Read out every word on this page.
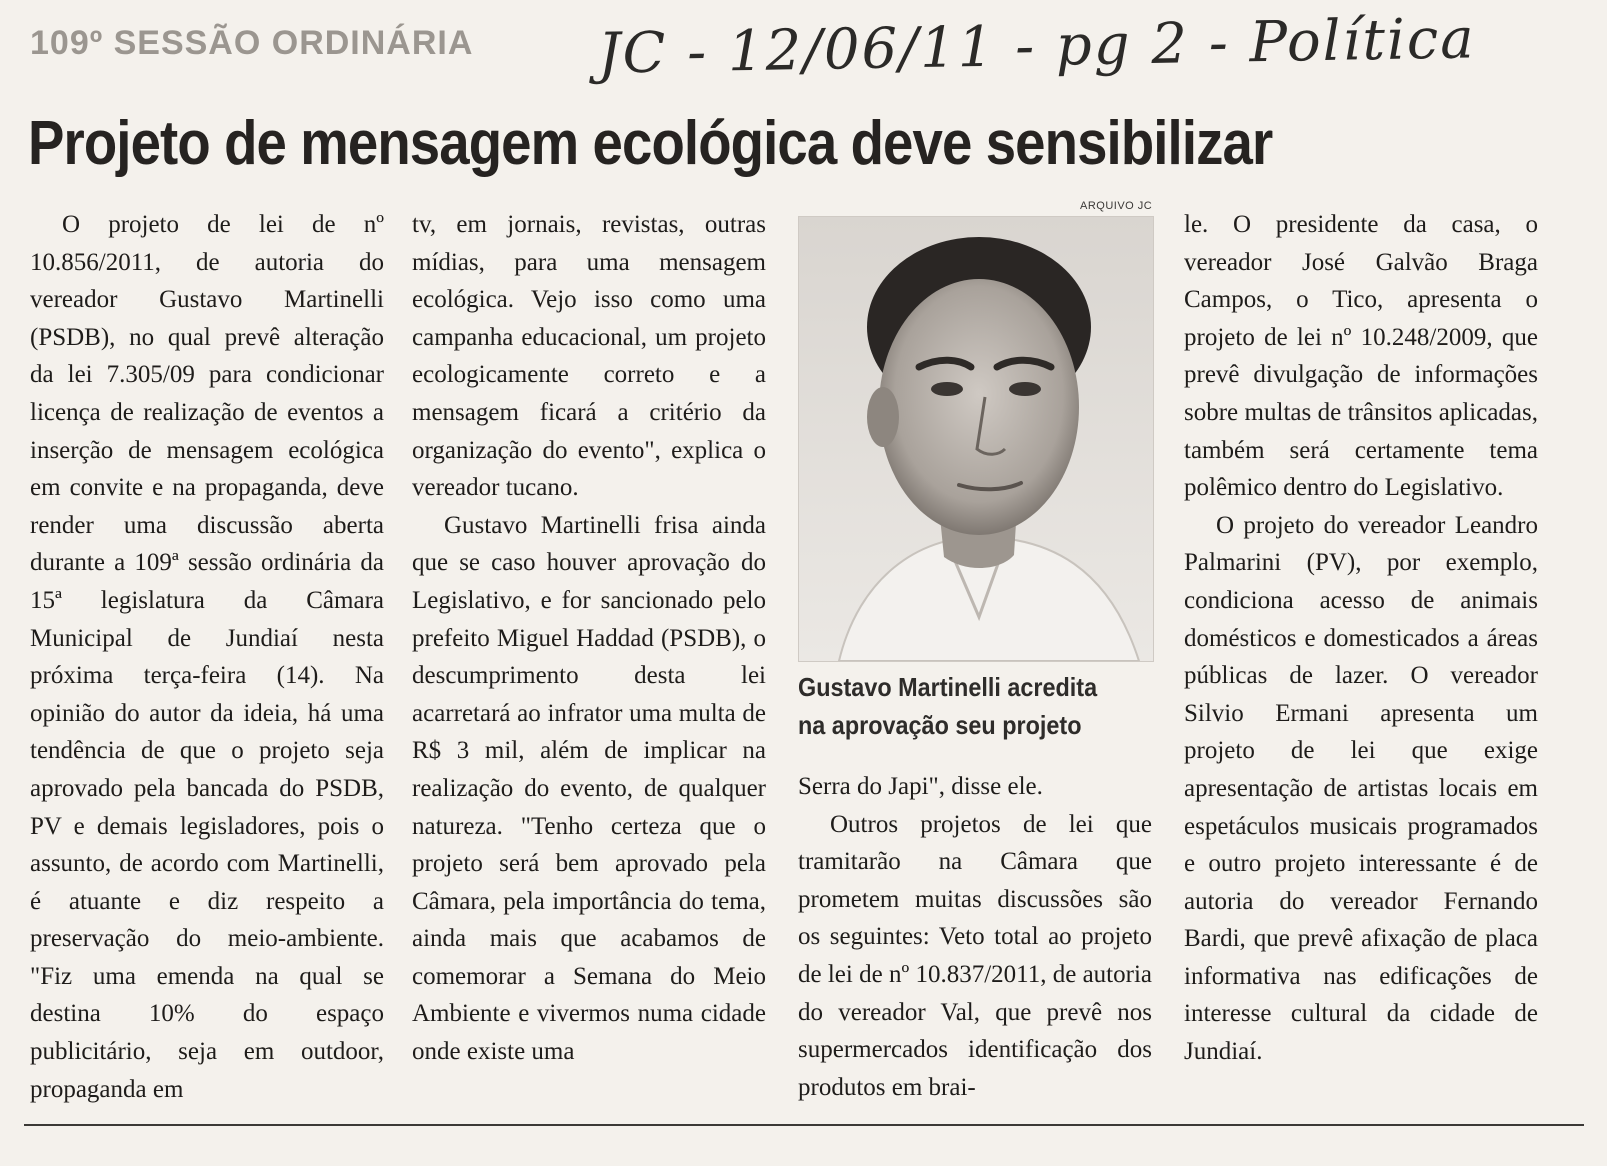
109º SESSÃO ORDINÁRIA JC - 12/06/11 - pg 2 - Política
Projeto de mensagem ecológica deve sensibilizar

O projeto de lei de nº 10.856/2011, de autoria do vereador Gustavo Martinelli (PSDB), no qual prevê alteração da lei 7.305/09 para condicionar licença de realização de eventos a inserção de mensagem ecológica em convite e na propaganda, deve render uma discussão aberta durante a 109ª sessão ordinária da 15ª legislatura da Câmara Municipal de Jundiaí nesta próxima terça-feira (14). Na opinião do autor da ideia, há uma tendência de que o projeto seja aprovado pela bancada do PSDB, PV e demais legisladores, pois o assunto, de acordo com Martinelli, é atuante e diz respeito a preservação do meio-ambiente. "Fiz uma emenda na qual se destina 10% do espaço publicitário, seja em outdoor, propaganda em

tv, em jornais, revistas, outras mídias, para uma mensagem ecológica. Vejo isso como uma campanha educacional, um projeto ecologicamente correto e a mensagem ficará a critério da organização do evento", explica o vereador tucano.

Gustavo Martinelli frisa ainda que se caso houver aprovação do Legislativo, e for sancionado pelo prefeito Miguel Haddad (PSDB), o descumprimento desta lei acarretará ao infrator uma multa de R$ 3 mil, além de implicar na realização do evento, de qualquer natureza. "Tenho certeza que o projeto será bem aprovado pela Câmara, pela importância do tema, ainda mais que acabamos de comemorar a Semana do Meio Ambiente e vivermos numa cidade onde existe uma

ARQUIVO JC
Gustavo Martinelli acredita na aprovação seu projeto

Serra do Japi", disse ele.

Outros projetos de lei que tramitarão na Câmara que prometem muitas discussões são os seguintes: Veto total ao projeto de lei de nº 10.837/2011, de autoria do vereador Val, que prevê nos supermercados identificação dos produtos em brai-

le. O presidente da casa, o vereador José Galvão Braga Campos, o Tico, apresenta o projeto de lei nº 10.248/2009, que prevê divulgação de informações sobre multas de trânsitos aplicadas, também será certamente tema polêmico dentro do Legislativo.

O projeto do vereador Leandro Palmarini (PV), por exemplo, condiciona acesso de animais domésticos e domesticados a áreas públicas de lazer. O vereador Silvio Ermani apresenta um projeto de lei que exige apresentação de artistas locais em espetáculos musicais programados e outro projeto interessante é de autoria do vereador Fernando Bardi, que prevê afixação de placa informativa nas edificações de interesse cultural da cidade de Jundiaí.
